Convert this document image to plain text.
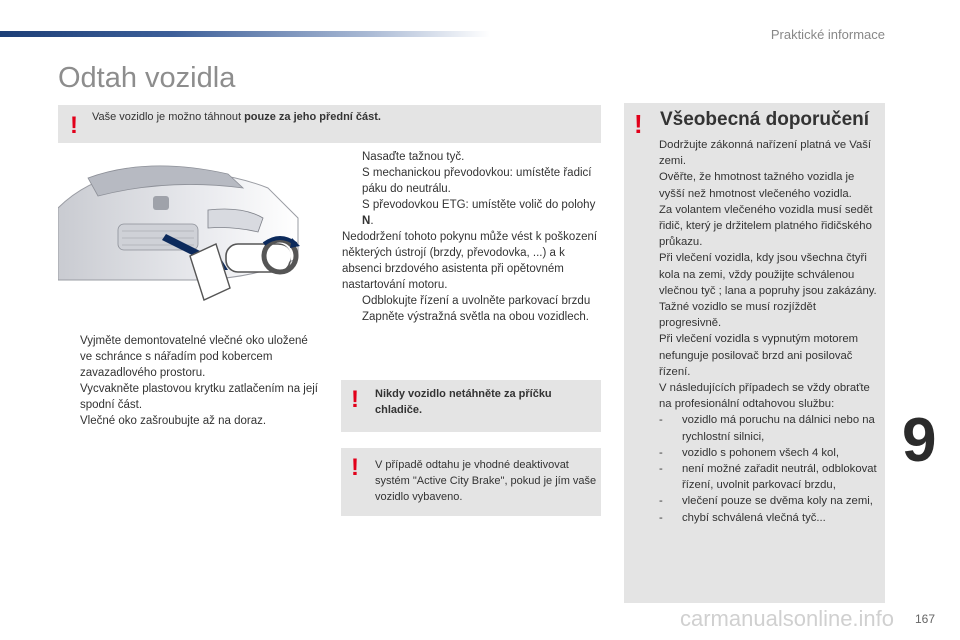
Praktické informace
Odtah vozidla
! Vaše vozidlo je možno táhnout pouze za jeho přední část.
Vyjměte demontovatelné vlečné oko uložené ve schránce s nářadím pod kobercem zavazadlového prostoru.
Vycvakněte plastovou krytku zatlačením na její spodní část.
Vlečné oko zašroubujte až na doraz.
Nasaďte tažnou tyč.
S mechanickou převodovkou: umístěte řadicí páku do neutrálu.
S převodovkou ETG: umístěte volič do polohy N.
Nedodržení tohoto pokynu může vést k poškození některých ústrojí (brzdy, převodovka, ...) a k absenci brzdového asistenta při opětovném nastartování motoru.
Odblokujte řízení a uvolněte parkovací brzdu
Zapněte výstražná světla na obou vozidlech.
! Nikdy vozidlo netáhněte za příčku chladiče.
! V případě odtahu je vhodné deaktivovat systém "Active City Brake", pokud je jím vaše vozidlo vybaveno.
! Všeobecná doporučení
Dodržujte zákonná nařízení platná ve Vaší zemi.
Ověřte, že hmotnost tažného vozidla je vyšší než hmotnost vlečeného vozidla.
Za volantem vlečeného vozidla musí sedět řidič, který je držitelem platného řidičského průkazu.
Při vlečení vozidla, kdy jsou všechna čtyři kola na zemi, vždy použijte schválenou vlečnou tyč ; lana a popruhy jsou zakázány.
Tažné vozidlo se musí rozjíždět progresivně.
Při vlečení vozidla s vypnutým motorem nefunguje posilovač brzd ani posilovač řízení.
V následujících případech se vždy obraťte na profesionální odtahovou službu:
- vozidlo má poruchu na dálnici nebo na rychlostní silnici,
- vozidlo s pohonem všech 4 kol,
- není možné zařadit neutrál, odblokovat řízení, uvolnit parkovací brzdu,
- vlečení pouze se dvěma koly na zemi,
- chybí schválená vlečná tyč...
9
carmanualsonline.info 167
